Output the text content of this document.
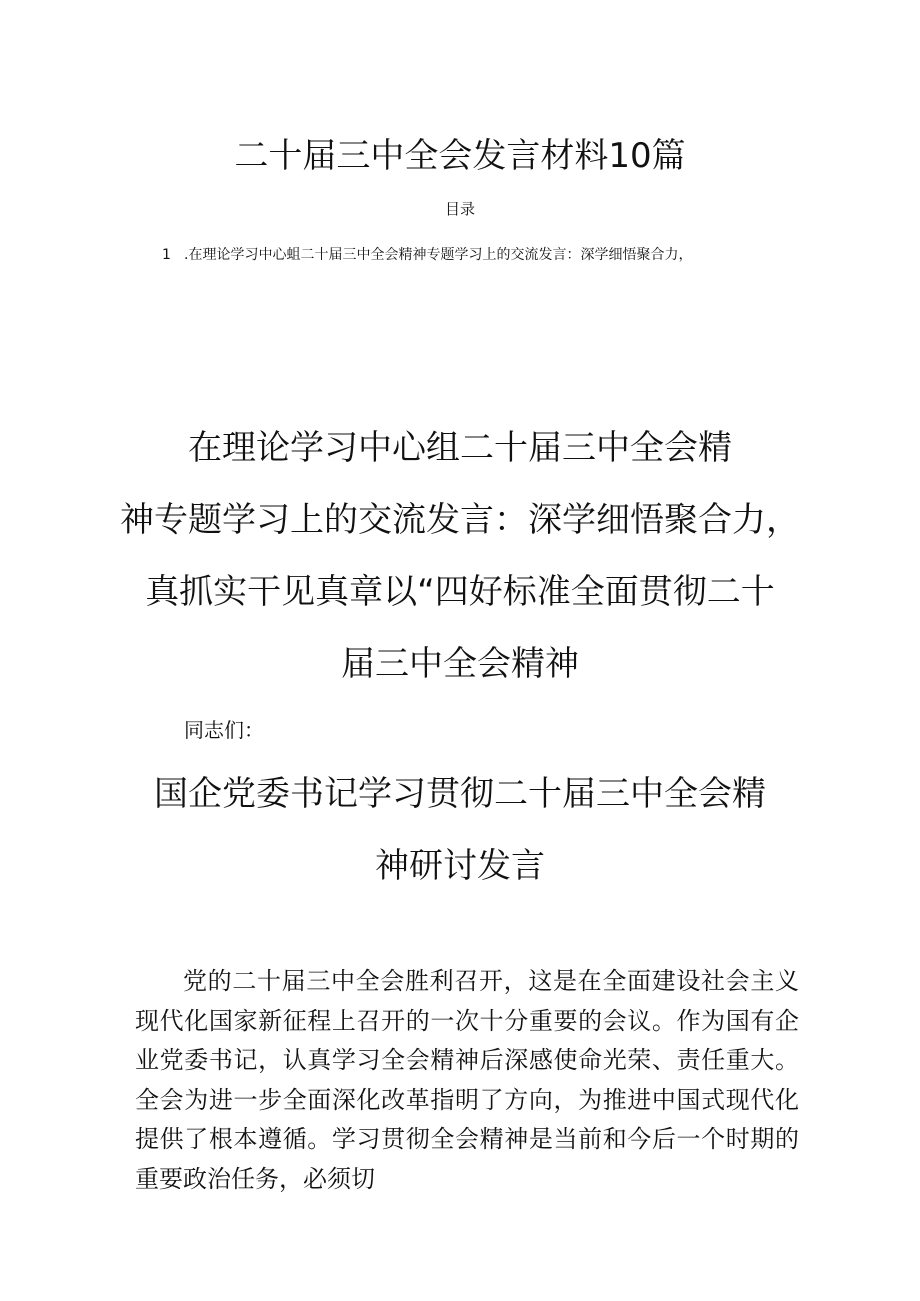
二十届三中全会发言材料10篇
目录
1 .在理论学习中心蛆二十届三中全会精神专题学习上的交流发言：深学细悟聚合力，
在理论学习中心组二十届三中全会精
神专题学习上的交流发言：深学细悟聚合力，
真抓实干见真章以“四好标准全面贯彻二十
届三中全会精神
同志们：
国企党委书记学习贯彻二十届三中全会精
神研讨发言

党的二十届三中全会胜利召开，这是在全面建设社会主义现代化国家新征程上召开的一次十分重要的会议。作为国有企业党委书记，认真学习全会精神后深感使命光荣、责任重大。全会为进一步全面深化改革指明了方向，为推进中国式现代化提供了根本遵循。学习贯彻全会精神是当前和今后一个时期的重要政治任务，必须切
